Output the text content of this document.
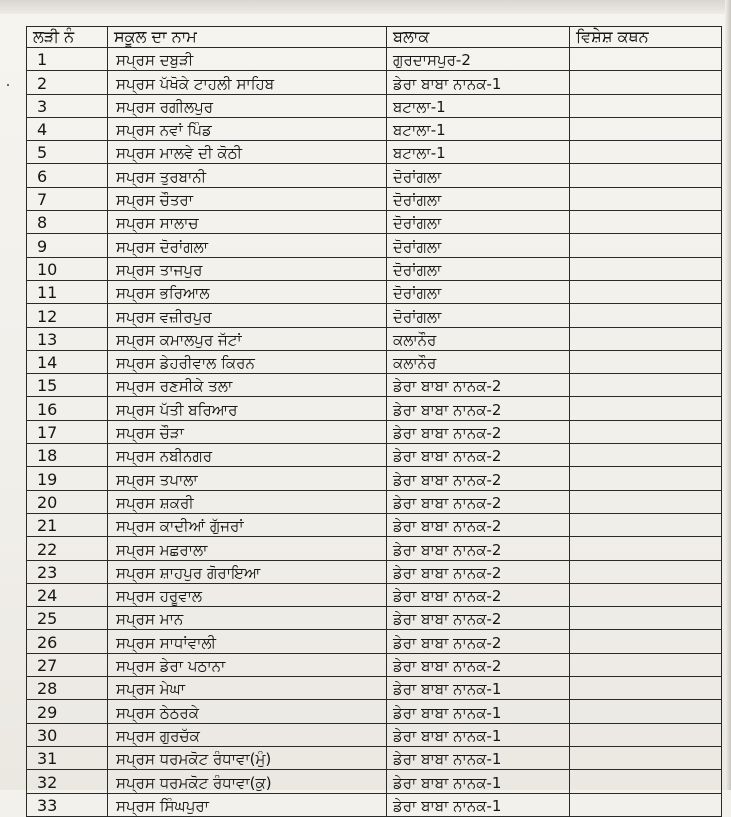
ਲੜੀ ਨੰ	ਸਕੂਲ ਦਾ ਨਾਮ	ਬਲਾਕ	ਵਿਸ਼ੇਸ਼ ਕਥਨ
1	ਸਪ੍ਰਸ ਦਬੁੜੀ	ਗੁਰਦਾਸਪੁਰ-2	
2	ਸਪ੍ਰਸ ਪੱਖੋਕੇ ਟਾਹਲੀ ਸਾਹਿਬ	ਡੇਰਾ ਬਾਬਾ ਨਾਨਕ-1	
3	ਸਪ੍ਰਸ ਰਗੀਲਪੁਰ	ਬਟਾਲਾ-1	
4	ਸਪ੍ਰਸ ਨਵਾਂ ਪਿੰਡ	ਬਟਾਲਾ-1	
5	ਸਪ੍ਰਸ ਮਾਲਵੇ ਦੀ ਕੋਠੀ	ਬਟਾਲਾ-1	
6	ਸਪ੍ਰਸ ਤੁਰਬਾਨੀ	ਦੋਰਾਂਗਲਾ	
7	ਸਪ੍ਰਸ ਚੌਤਰਾ	ਦੋਰਾਂਗਲਾ	
8	ਸਪ੍ਰਸ ਸਾਲਾਚ	ਦੋਰਾਂਗਲਾ	
9	ਸਪ੍ਰਸ ਦੋਰਾਂਗਲਾ	ਦੋਰਾਂਗਲਾ	
10	ਸਪ੍ਰਸ ਤਾਜਪੁਰ	ਦੋਰਾਂਗਲਾ	
11	ਸਪ੍ਰਸ ਭਰਿਆਲ	ਦੋਰਾਂਗਲਾ	
12	ਸਪ੍ਰਸ ਵਜ਼ੀਰਪੁਰ	ਦੋਰਾਂਗਲਾ	
13	ਸਪ੍ਰਸ ਕਮਾਲਪੁਰ ਜੱਟਾਂ	ਕਲਾਨੌਰ	
14	ਸਪ੍ਰਸ ਡੇਹਰੀਵਾਲ ਕਿਰਨ	ਕਲਾਨੌਰ	
15	ਸਪ੍ਰਸ ਰਣਸੀਕੇ ਤਲਾ	ਡੇਰਾ ਬਾਬਾ ਨਾਨਕ-2	
16	ਸਪ੍ਰਸ ਪੱਤੀ ਬਰਿਆਰ	ਡੇਰਾ ਬਾਬਾ ਨਾਨਕ-2	
17	ਸਪ੍ਰਸ ਚੌੜਾ	ਡੇਰਾ ਬਾਬਾ ਨਾਨਕ-2	
18	ਸਪ੍ਰਸ ਨਬੀਨਗਰ	ਡੇਰਾ ਬਾਬਾ ਨਾਨਕ-2	
19	ਸਪ੍ਰਸ ਤਪਾਲਾ	ਡੇਰਾ ਬਾਬਾ ਨਾਨਕ-2	
20	ਸਪ੍ਰਸ ਸ਼ਕਰੀ	ਡੇਰਾ ਬਾਬਾ ਨਾਨਕ-2	
21	ਸਪ੍ਰਸ ਕਾਦੀਆਂ ਗੁੱਜਰਾਂ	ਡੇਰਾ ਬਾਬਾ ਨਾਨਕ-2	
22	ਸਪ੍ਰਸ ਮਛਰਾਲਾ	ਡੇਰਾ ਬਾਬਾ ਨਾਨਕ-2	
23	ਸਪ੍ਰਸ ਸ਼ਾਹਪੁਰ ਗੋਰਾਇਆ	ਡੇਰਾ ਬਾਬਾ ਨਾਨਕ-2	
24	ਸਪ੍ਰਸ ਹਰੂਵਾਲ	ਡੇਰਾ ਬਾਬਾ ਨਾਨਕ-2	
25	ਸਪ੍ਰਸ ਮਾਨ	ਡੇਰਾ ਬਾਬਾ ਨਾਨਕ-2	
26	ਸਪ੍ਰਸ ਸਾਧਾਂਵਾਲੀ	ਡੇਰਾ ਬਾਬਾ ਨਾਨਕ-2	
27	ਸਪ੍ਰਸ ਡੇਰਾ ਪਠਾਨਾ	ਡੇਰਾ ਬਾਬਾ ਨਾਨਕ-2	
28	ਸਪ੍ਰਸ ਮੇਘਾ	ਡੇਰਾ ਬਾਬਾ ਨਾਨਕ-1	
29	ਸਪ੍ਰਸ ਠੇਠਰਕੇ	ਡੇਰਾ ਬਾਬਾ ਨਾਨਕ-1	
30	ਸਪ੍ਰਸ ਗੁਰਚੱਕ	ਡੇਰਾ ਬਾਬਾ ਨਾਨਕ-1	
31	ਸਪ੍ਰਸ ਧਰਮਕੋਟ ਰੰਧਾਵਾ(ਮੁੰ)	ਡੇਰਾ ਬਾਬਾ ਨਾਨਕ-1	
32	ਸਪ੍ਰਸ ਧਰਮਕੋਟ ਰੰਧਾਵਾ(ਕੁ)	ਡੇਰਾ ਬਾਬਾ ਨਾਨਕ-1	
33	ਸਪ੍ਰਸ ਸਿੰਘਪੁਰਾ	ਡੇਰਾ ਬਾਬਾ ਨਾਨਕ-1	
